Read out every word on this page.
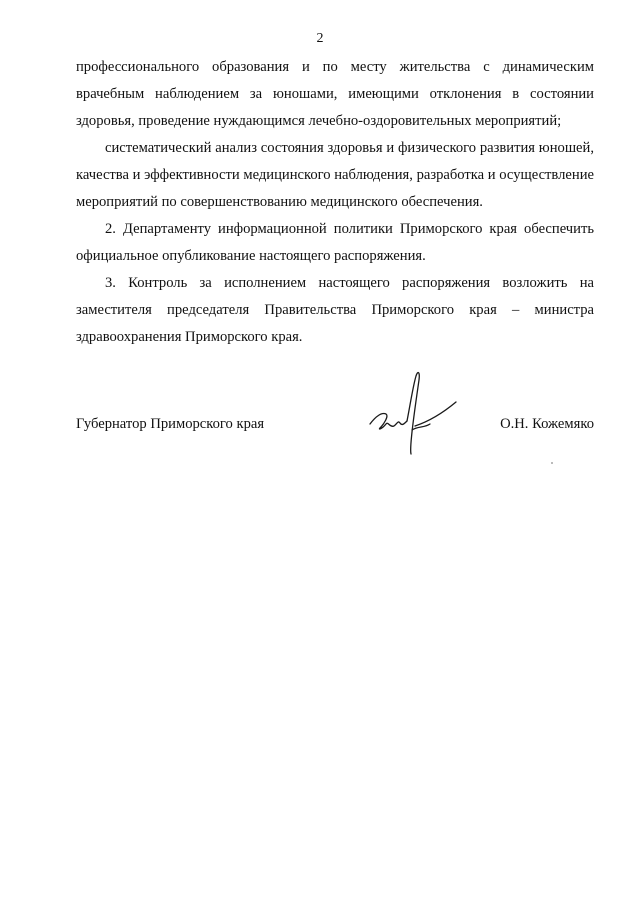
2

профессионального образования и по месту жительства с динамическим врачебным наблюдением за юношами, имеющими отклонения в состоянии здоровья, проведение нуждающимся лечебно-оздоровительных мероприятий;

систематический анализ состояния здоровья и физического развития юношей, качества и эффективности медицинского наблюдения, разработка и осуществление мероприятий по совершенствованию медицинского обеспечения.

2. Департаменту информационной политики Приморского края обеспечить официальное опубликование настоящего распоряжения.

3. Контроль за исполнением настоящего распоряжения возложить на заместителя председателя Правительства Приморского края – министра здравоохранения Приморского края.

Губернатор Приморского края	О.Н. Кожемяко
